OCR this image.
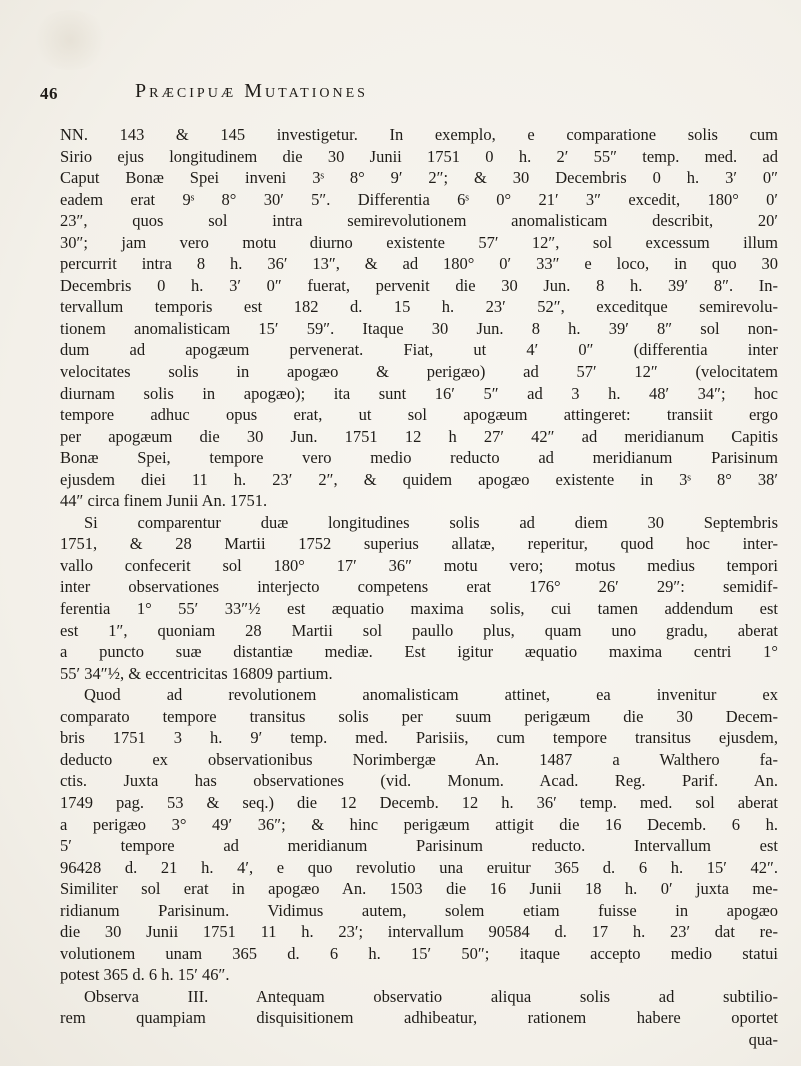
46	Præcipuæ Mutationes
NN. 143 & 145 investigetur. In exemplo, e comparatione solis cum
Sirio ejus longitudinem die 30 Junii 1751 0 h. 2′ 55″ temp. med. ad
Caput Bonæ Spei inveni 3ˢ 8° 9′ 2″; & 30 Decembris 0 h. 3′ 0″
eadem erat 9ˢ 8° 30′ 5″. Differentia 6ˢ 0° 21′ 3″ excedit, 180° 0′
23″, quos sol intra semirevolutionem anomalisticam describit, 20′
30″; jam vero motu diurno existente 57′ 12″, sol excessum illum
percurrit intra 8 h. 36′ 13″, & ad 180° 0′ 33″ e loco, in quo 30
Decembris 0 h. 3′ 0″ fuerat, pervenit die 30 Jun. 8 h. 39′ 8″. In-
tervallum temporis est 182 d. 15 h. 23′ 52″, exceditque semirevolu-
tionem anomalisticam 15′ 59″. Itaque 30 Jun. 8 h. 39′ 8″ sol non-
dum ad apogæum pervenerat. Fiat, ut 4′ 0″ (differentia inter
velocitates solis in apogæo & perigæo) ad 57′ 12″ (velocitatem
diurnam solis in apogæo); ita sunt 16′ 5″ ad 3 h. 48′ 34″; hoc
tempore adhuc opus erat, ut sol apogæum attingeret: transiit ergo
per apogæum die 30 Jun. 1751 12 h 27′ 42″ ad meridianum Capitis
Bonæ Spei, tempore vero medio reducto ad meridianum Parisinum
ejusdem diei 11 h. 23′ 2″, & quidem apogæo existente in 3ˢ 8° 38′
44″ circa finem Junii An. 1751.
Si comparentur duæ longitudines solis ad diem 30 Septembris
1751, & 28 Martii 1752 superius allatæ, reperitur, quod hoc inter-
vallo confecerit sol 180° 17′ 36″ motu vero; motus medius tempori
inter observationes interjecto competens erat 176° 26′ 29″: semidif-
ferentia 1° 55′ 33″½ est æquatio maxima solis, cui tamen addendum est
est 1″, quoniam 28 Martii sol paullo plus, quam uno gradu, aberat
a puncto suæ distantiæ mediæ. Est igitur æquatio maxima centri 1°
55′ 34″½, & eccentricitas 16809 partium.
Quod ad revolutionem anomalisticam attinet, ea invenitur ex
comparato tempore transitus solis per suum perigæum die 30 Decem-
bris 1751 3 h. 9′ temp. med. Parisiis, cum tempore transitus ejusdem,
deducto ex observationibus Norimbergæ An. 1487 a Walthero fa-
ctis. Juxta has observationes (vid. Monum. Acad. Reg. Parif. An.
1749 pag. 53 & seq.) die 12 Decemb. 12 h. 36′ temp. med. sol aberat
a perigæo 3° 49′ 36″; & hinc perigæum attigit die 16 Decemb. 6 h.
5′ tempore ad meridianum Parisinum reducto. Intervallum est
96428 d. 21 h. 4′, e quo revolutio una eruitur 365 d. 6 h. 15′ 42″.
Similiter sol erat in apogæo An. 1503 die 16 Junii 18 h. 0′ juxta me-
ridianum Parisinum. Vidimus autem, solem etiam fuisse in apogæo
die 30 Junii 1751 11 h. 23′; intervallum 90584 d. 17 h. 23′ dat re-
volutionem unam 365 d. 6 h. 15′ 50″; itaque accepto medio statui
potest 365 d. 6 h. 15′ 46″.
Observa III. Antequam observatio aliqua solis ad subtilio-
rem quampiam disquisitionem adhibeatur, rationem habere oportet
qua-
